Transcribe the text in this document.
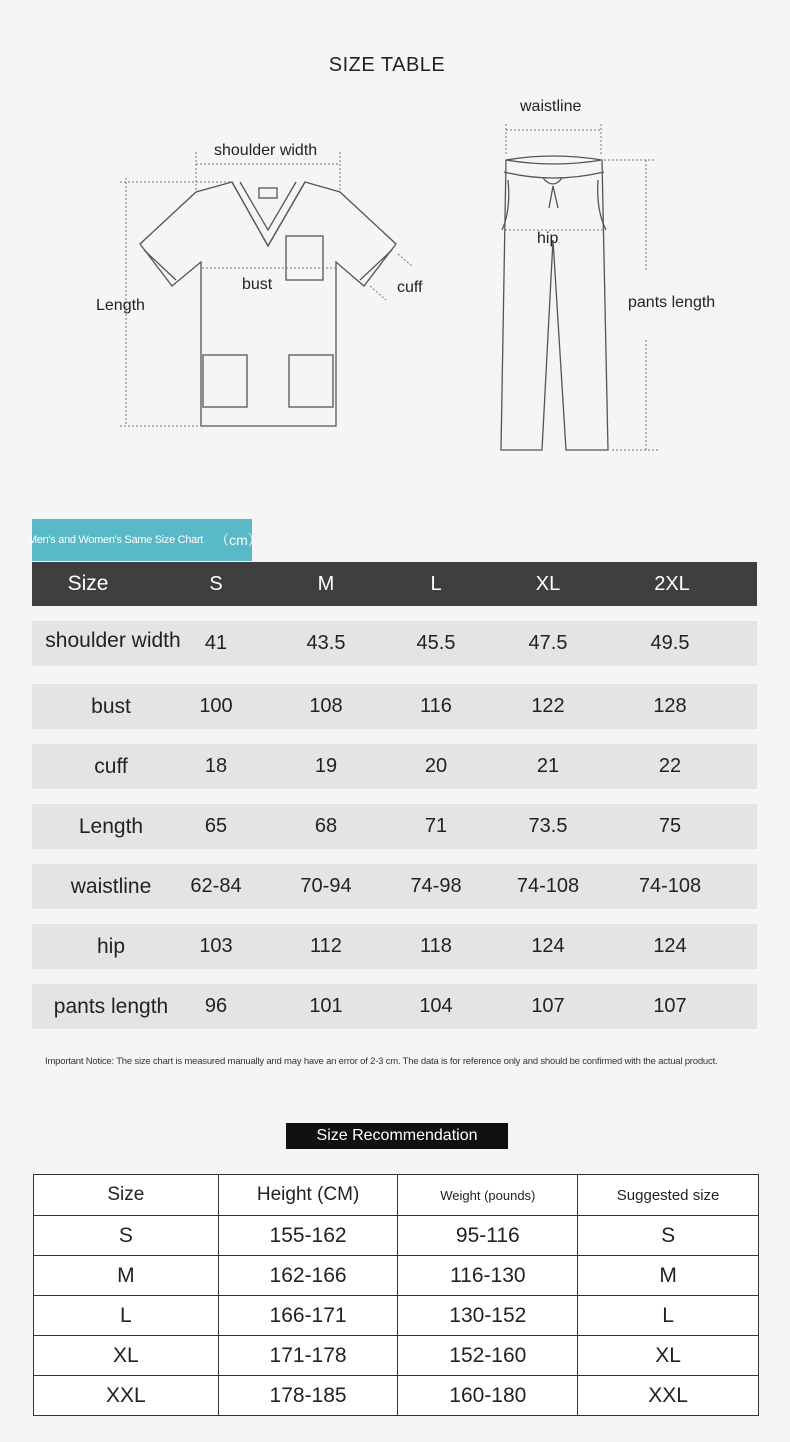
SIZE TABLE
shoulder width
bust	cuff
Length
waistline
hip
pants length
Men's and Women's Same Size Chart （cm）
Size	S	M	L	XL	2XL
shoulder width	41	43.5	45.5	47.5	49.5
bust	100	108	116	122	128
cuff	18	19	20	21	22
Length	65	68	71	73.5	75
waistline	62-84	70-94	74-98	74-108	74-108
hip	103	112	118	124	124
pants length	96	101	104	107	107
Important Notice: The size chart is measured manually and may have an error of 2-3 cm. The data is for reference only and should be confirmed with the actual product.
Size Recommendation
Size	Height (CM)	Weight (pounds)	Suggested size
S	155-162	95-116	S
M	162-166	116-130	M
L	166-171	130-152	L
XL	171-178	152-160	XL
XXL	178-185	160-180	XXL
